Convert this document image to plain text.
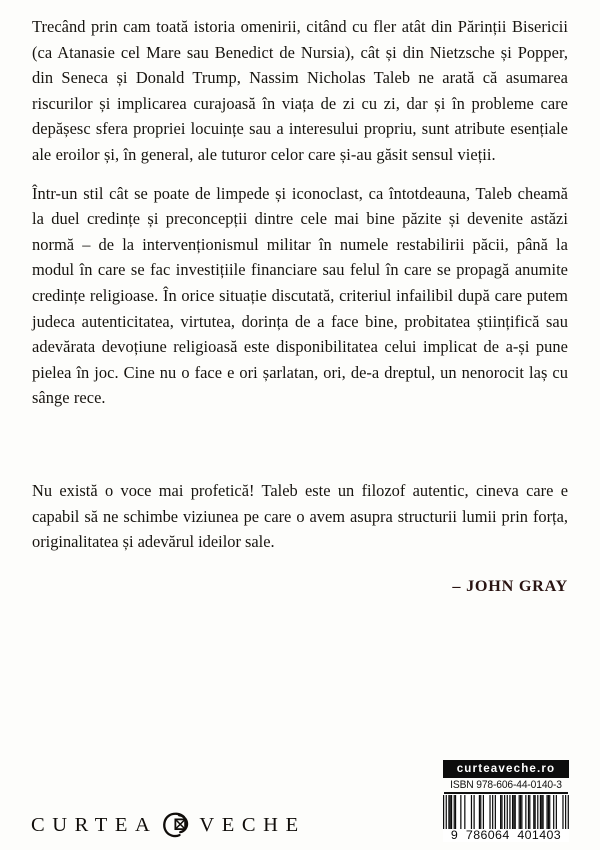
Trecând prin cam toată istoria omenirii, citând cu fler atât din Părinții Bisericii (ca Atanasie cel Mare sau Benedict de Nursia), cât și din Nietzsche și Popper, din Seneca și Donald Trump, Nassim Nicholas Taleb ne arată că asumarea riscurilor și implicarea curajoasă în viața de zi cu zi, dar și în probleme care depășesc sfera propriei locuințe sau a interesului propriu, sunt atribute esențiale ale eroilor și, în general, ale tuturor celor care și-au găsit sensul vieții.

Într-un stil cât se poate de limpede și iconoclast, ca întotdeauna, Taleb cheamă la duel credințe și preconcepții dintre cele mai bine păzite și devenite astăzi normă – de la intervenționismul militar în numele restabilirii păcii, până la modul în care se fac investițiile financiare sau felul în care se propagă anumite credințe religioase. În orice situație discutată, criteriul infailibil după care putem judeca autenticitatea, virtutea, dorința de a face bine, probitatea științifică sau adevărata devoțiune religioasă este disponibilitatea celui implicat de a-și pune pielea în joc. Cine nu o face e ori șarlatan, ori, de-a dreptul, un nenorocit laș cu sânge rece.

Nu există o voce mai profetică! Taleb este un filozof autentic, cineva care e capabil să ne schimbe viziunea pe care o avem asupra structurii lumii prin forța, originalitatea și adevărul ideilor sale.

– JOHN GRAY

CURTEA VECHE
curteaveche.ro
ISBN 978-606-44-0140-3
9  786064  401403
